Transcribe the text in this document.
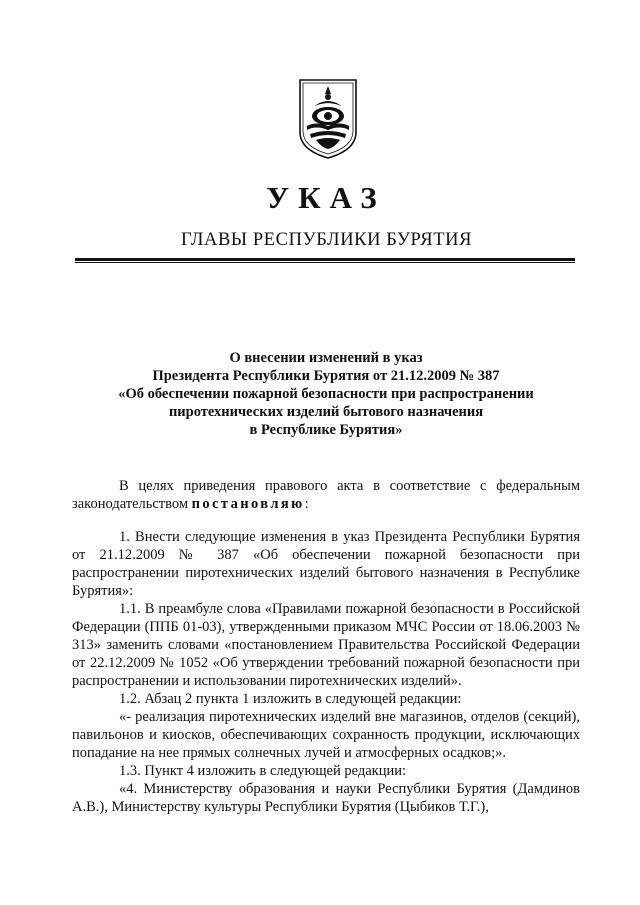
УКАЗ
ГЛАВЫ РЕСПУБЛИКИ БУРЯТИЯ
О внесении изменений в указ
Президента Республики Бурятия от 21.12.2009 № 387
«Об обеспечении пожарной безопасности при распространении
пиротехнических изделий бытового назначения
в Республике Бурятия»

В целях приведения правового акта в соответствие с федеральным законодательством постановляю:

1. Внести следующие изменения в указ Президента Республики Бурятия от 21.12.2009 № 387 «Об обеспечении пожарной безопасности при распространении пиротехнических изделий бытового назначения в Республике Бурятия»:

1.1. В преамбуле слова «Правилами пожарной безопасности в Российской Федерации (ППБ 01-03), утвержденными приказом МЧС России от 18.06.2003 № 313» заменить словами «постановлением Правительства Российской Федерации от 22.12.2009 № 1052 «Об утверждении требований пожарной безопасности при распространении и использовании пиротехнических изделий».

1.2. Абзац 2 пункта 1 изложить в следующей редакции:

«- реализация пиротехнических изделий вне магазинов, отделов (секций), павильонов и киосков, обеспечивающих сохранность продукции, исключающих попадание на нее прямых солнечных лучей и атмосферных осадков;».

1.3. Пункт 4 изложить в следующей редакции:

«4. Министерству образования и науки Республики Бурятия (Дамдинов А.В.), Министерству культуры Республики Бурятия (Цыбиков Т.Г.),
